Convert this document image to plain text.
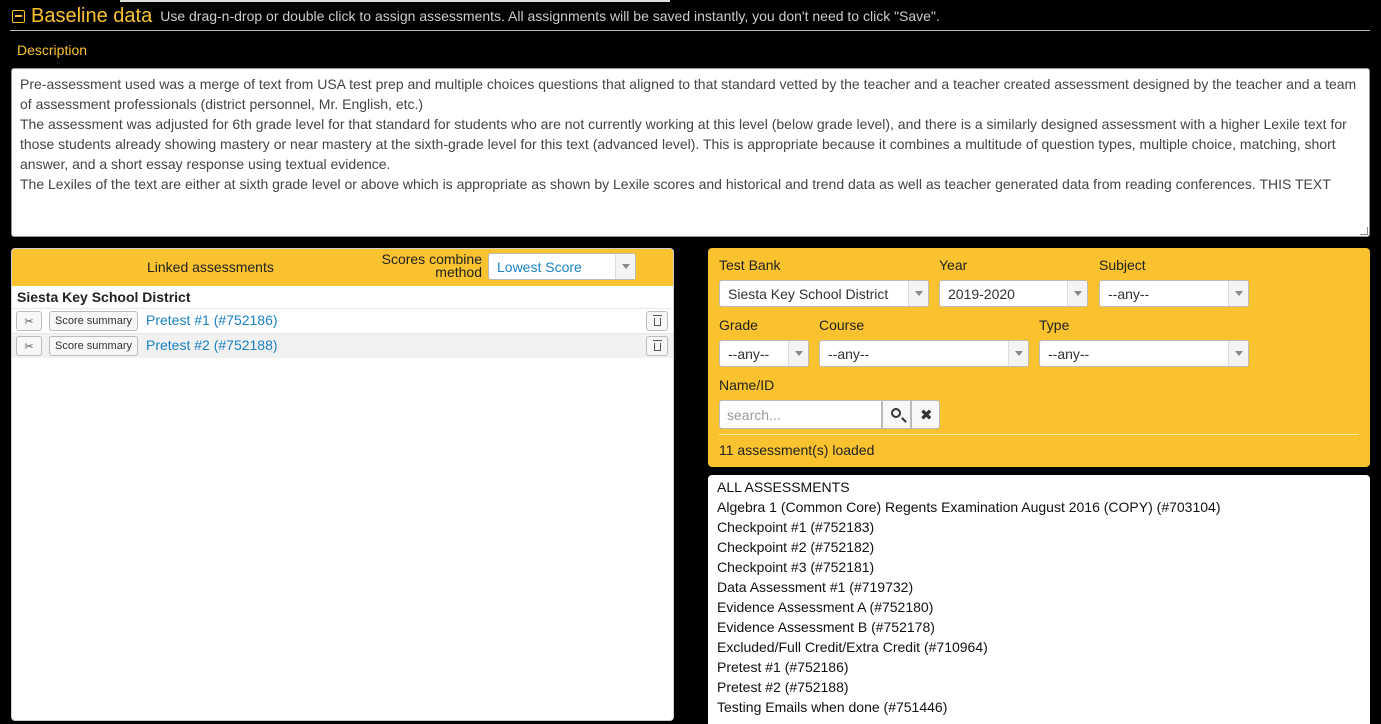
Baseline data Use drag-n-drop or double click to assign assessments. All assignments will be saved instantly, you don't need to click "Save".
Description
Pre-assessment used was a merge of text from USA test prep and multiple choices questions that aligned to that standard vetted by the teacher and a teacher created assessment designed by the teacher and a team of assessment professionals (district personnel, Mr. English, etc.)
The assessment was adjusted for 6th grade level for that standard for students who are not currently working at this level (below grade level), and there is a similarly designed assessment with a higher Lexile text for those students already showing mastery or near mastery at the sixth-grade level for this text (advanced level). This is appropriate because it combines a multitude of question types, multiple choice, matching, short answer, and a short essay response using textual evidence.
The Lexiles of the text are either at sixth grade level or above which is appropriate as shown by Lexile scores and historical and trend data as well as teacher generated data from reading conferences. THIS TEXT
Linked assessments	Scores combine
method	Lowest Score
Siesta Key School District
✂	Score summary Pretest #1 (#752186)
✂	Score summary Pretest #2 (#752188)
Test Bank	Year	Subject
Siesta Key School District	2019-2020	--any--
Grade	Course	Type
--any--	--any--	--any--
Name/ID
search...	✖
11 assessment(s) loaded
ALL ASSESSMENTS
Algebra 1 (Common Core) Regents Examination August 2016 (COPY) (#703104)
Checkpoint #1 (#752183)
Checkpoint #2 (#752182)
Checkpoint #3 (#752181)
Data Assessment #1 (#719732)
Evidence Assessment A (#752180)
Evidence Assessment B (#752178)
Excluded/Full Credit/Extra Credit (#710964)
Pretest #1 (#752186)
Pretest #2 (#752188)
Testing Emails when done (#751446)
